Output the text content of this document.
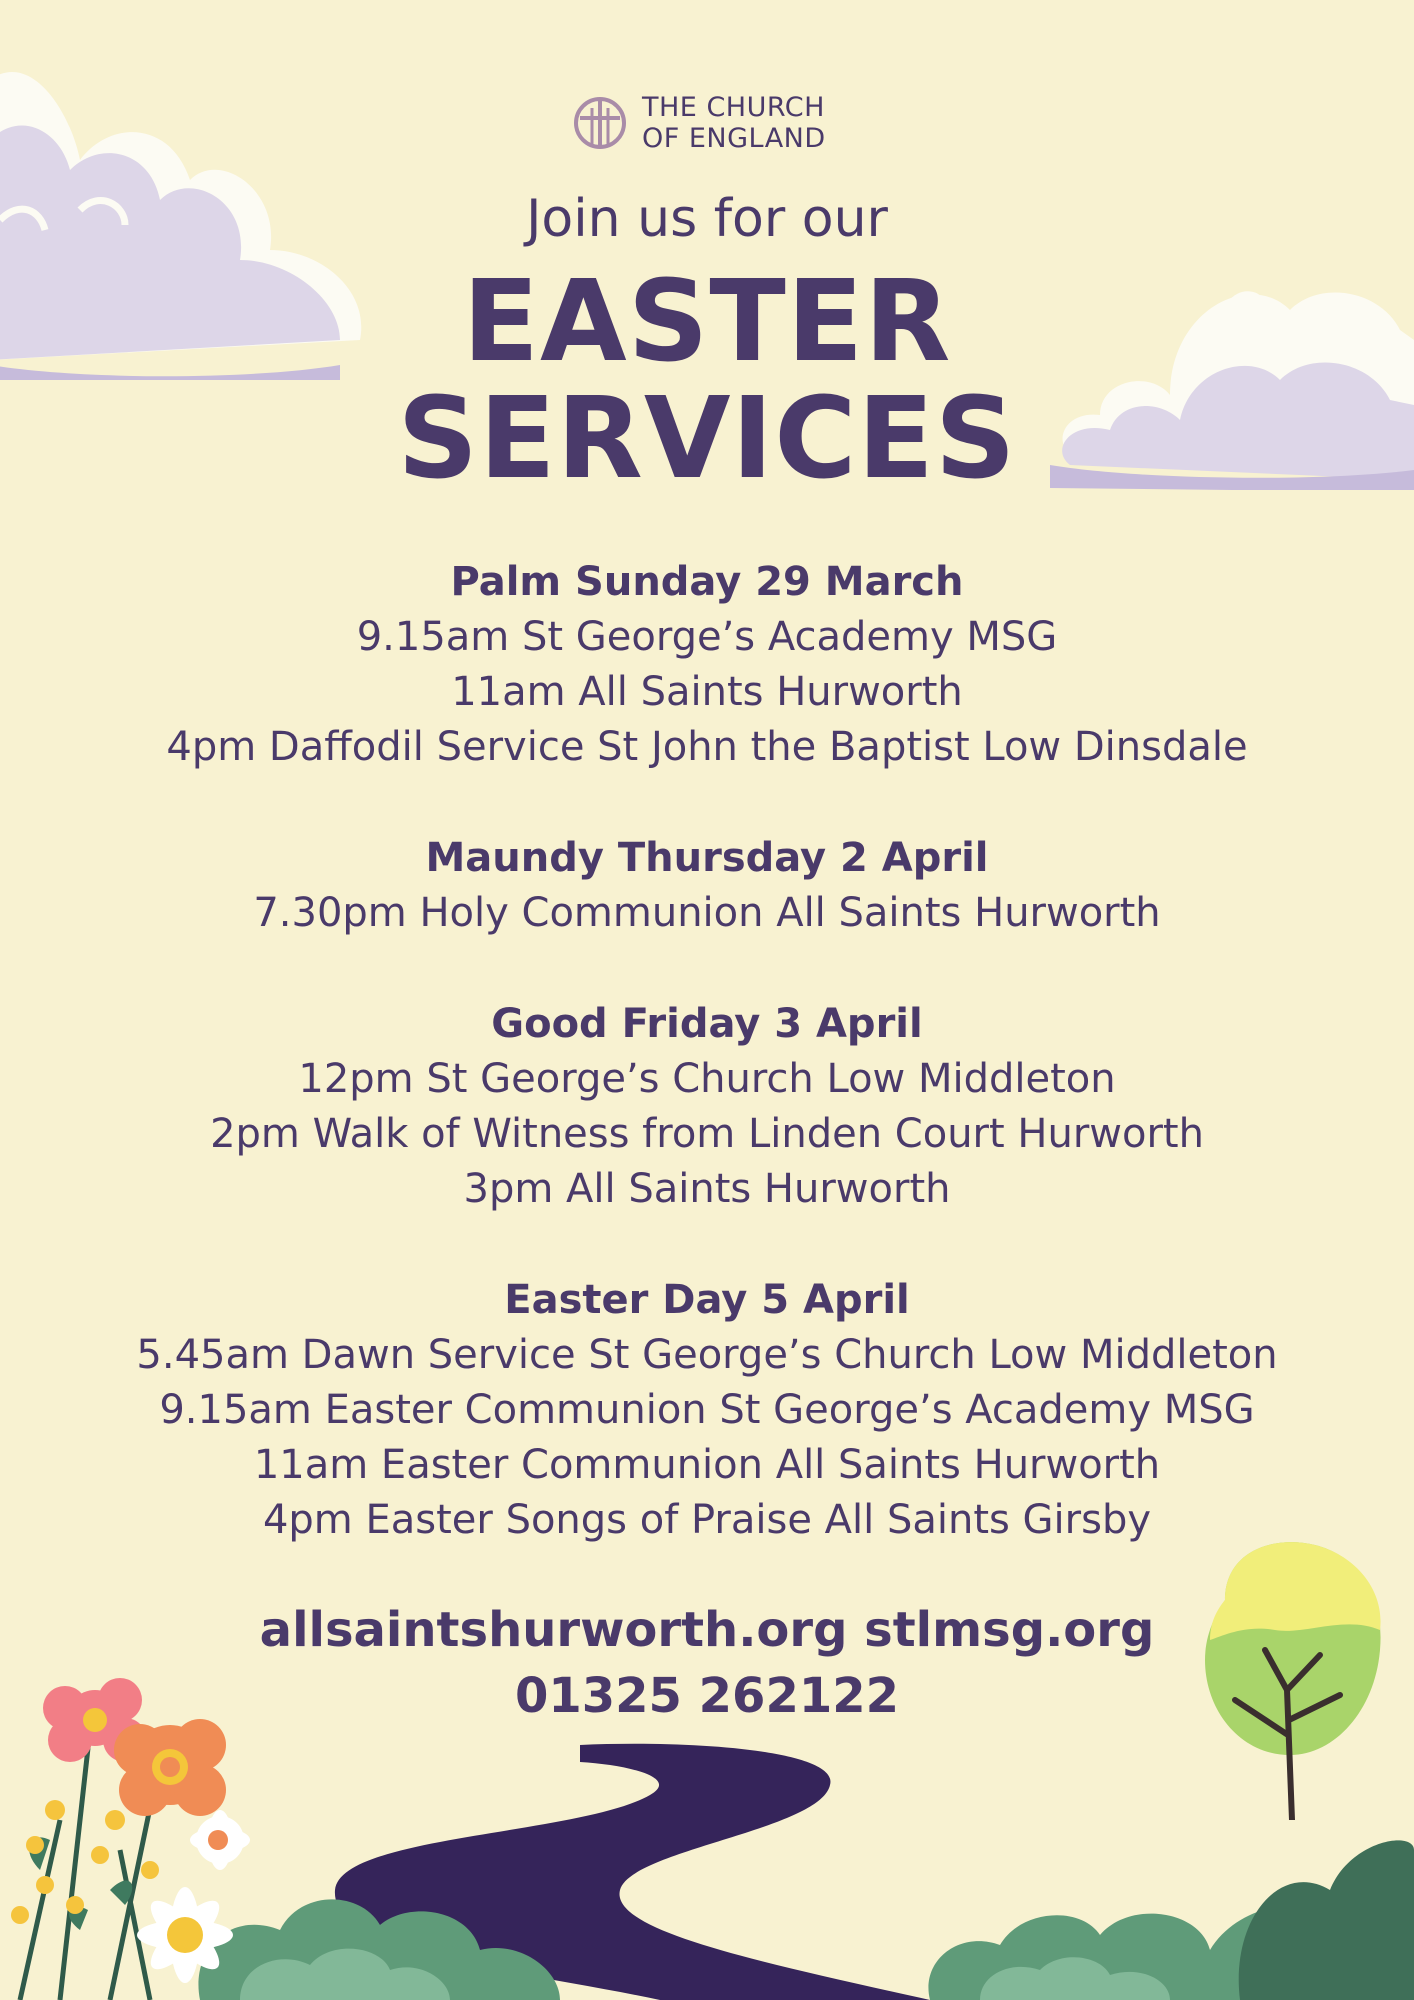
THE CHURCH
OF ENGLAND
Join us for our
EASTER
SERVICES
Palm Sunday 29 March
9.15am St George’s Academy MSG
11am All Saints Hurworth
4pm Daffodil Service St John the Baptist Low Dinsdale
Maundy Thursday 2 April
7.30pm Holy Communion All Saints Hurworth
Good Friday 3 April
12pm St George’s Church Low Middleton
2pm Walk of Witness from Linden Court Hurworth
3pm All Saints Hurworth
Easter Day 5 April
5.45am Dawn Service St George’s Church Low Middleton
9.15am Easter Communion St George’s Academy MSG
11am Easter Communion All Saints Hurworth
4pm Easter Songs of Praise All Saints Girsby
allsaintshurworth.org stlmsg.org
01325 262122
